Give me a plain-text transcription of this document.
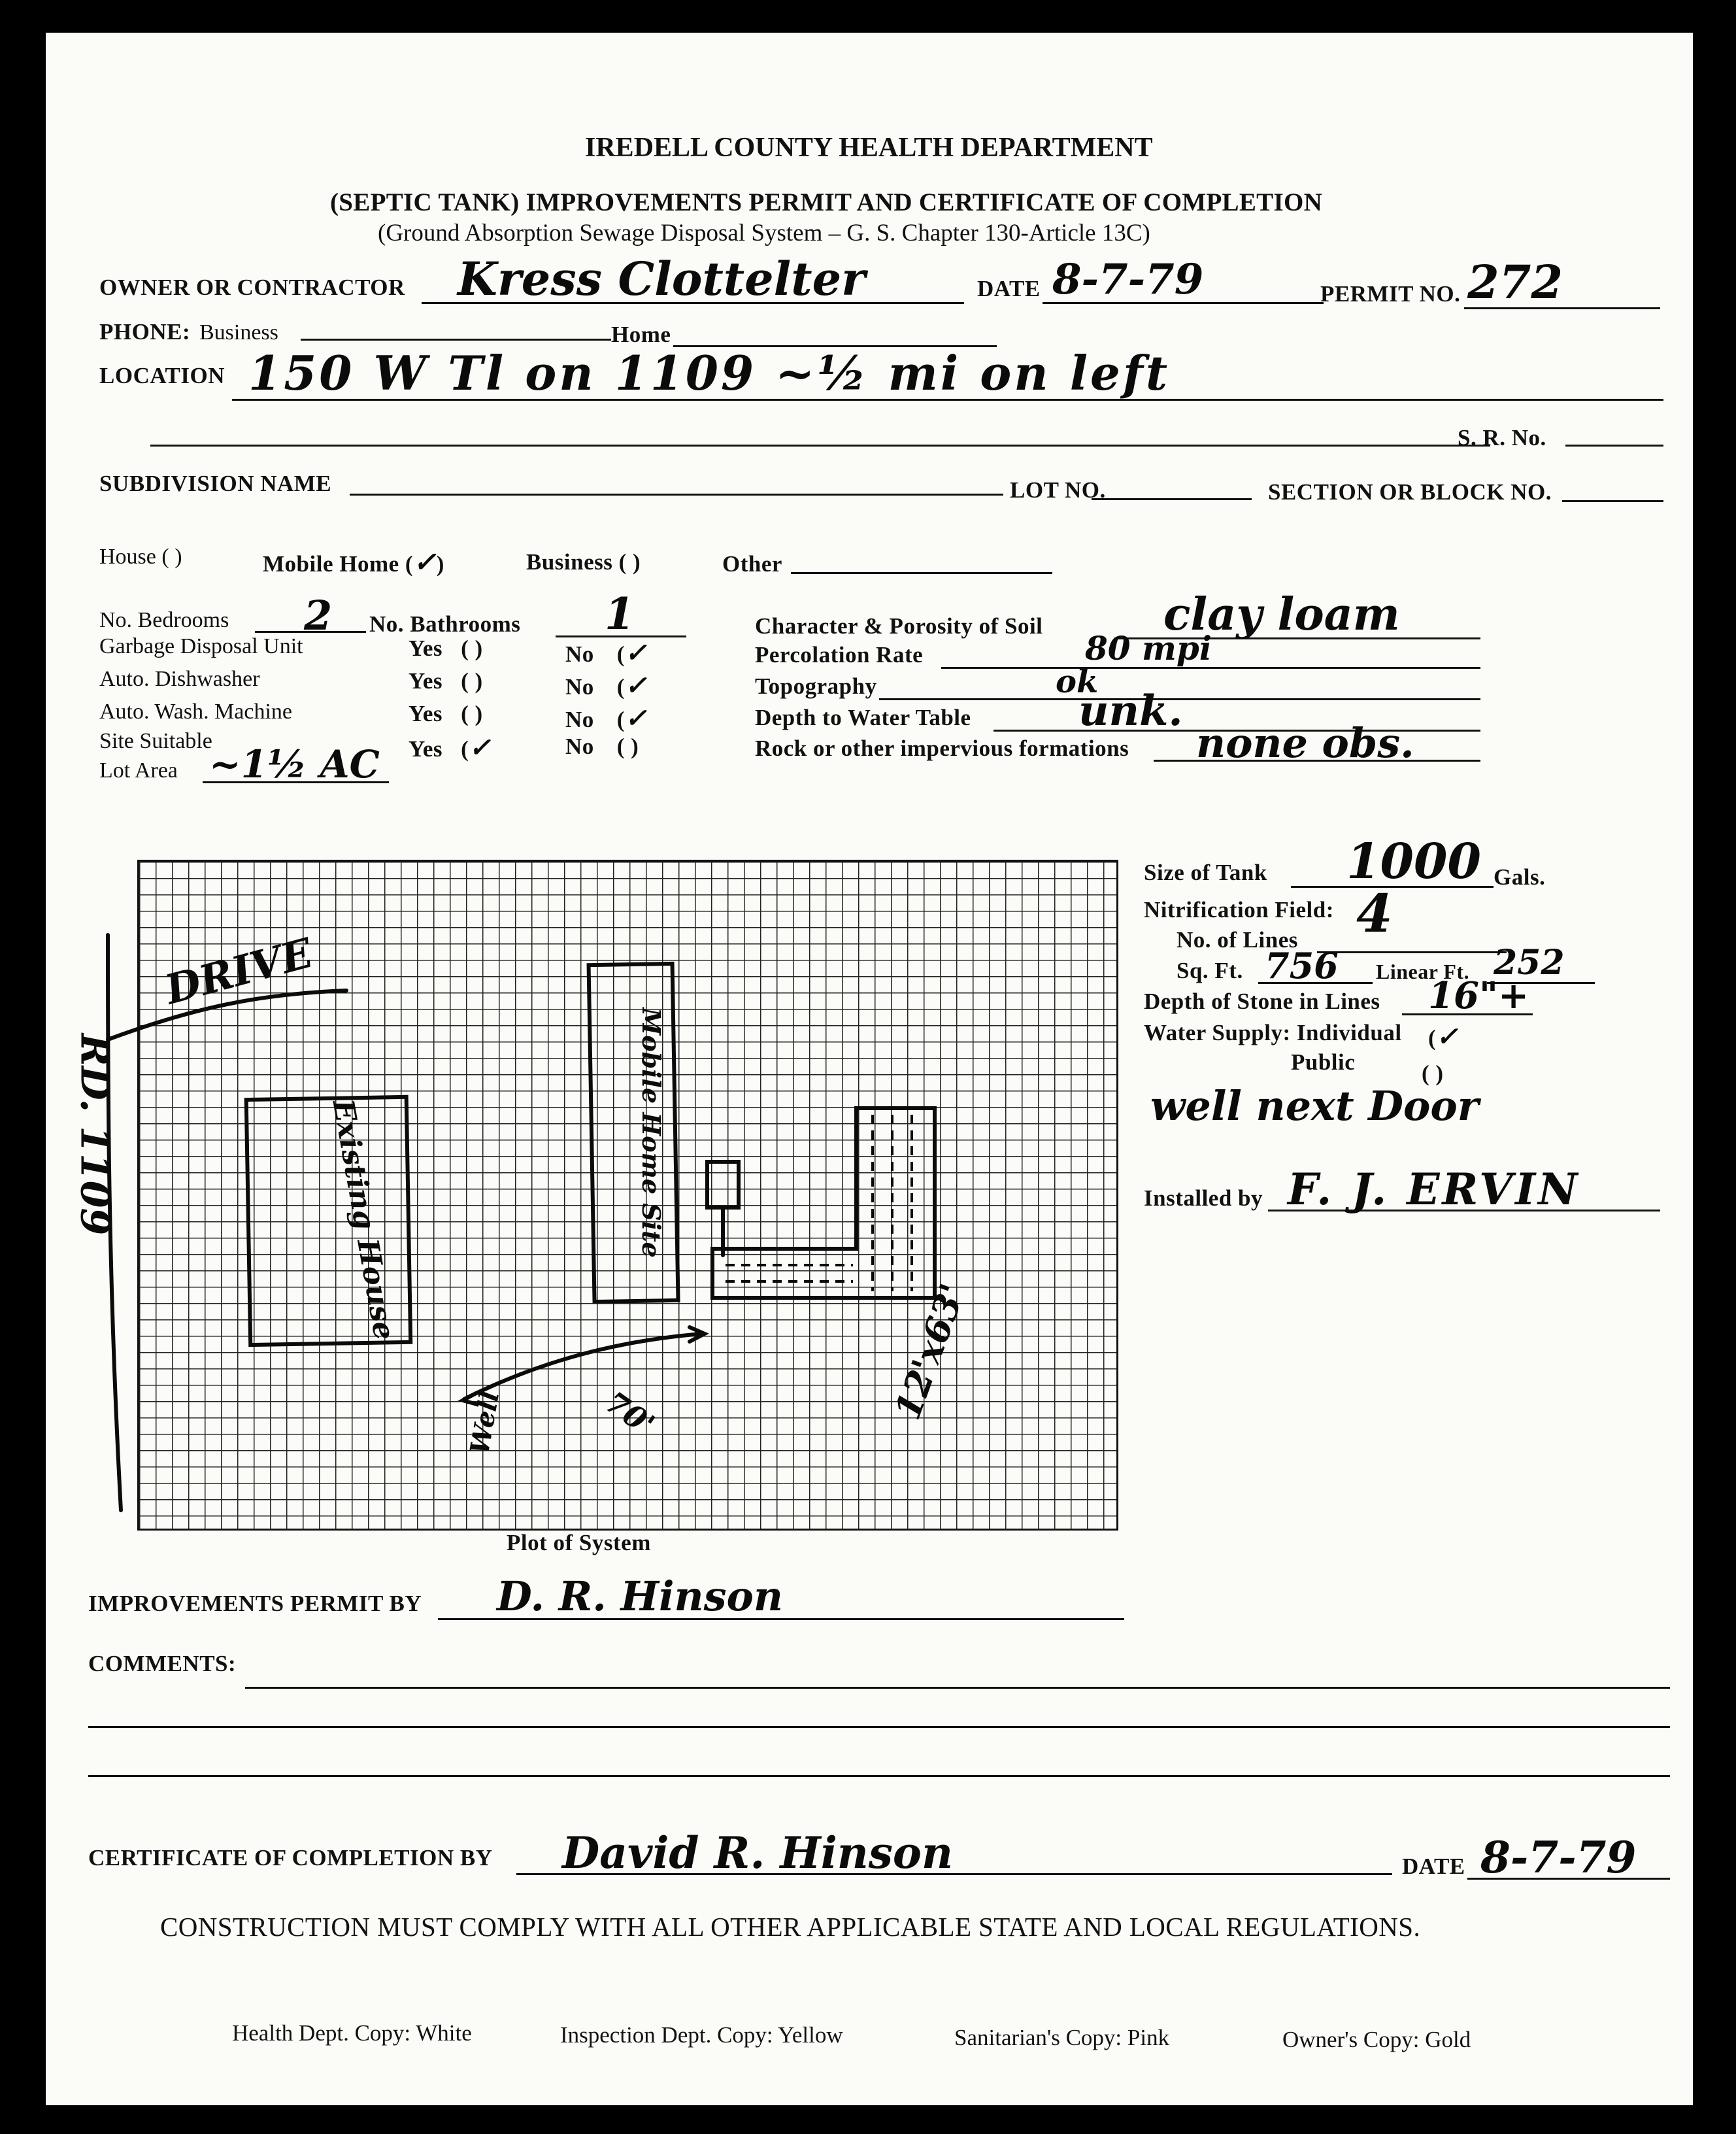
IREDELL COUNTY HEALTH DEPARTMENT
(SEPTIC TANK) IMPROVEMENTS PERMIT AND CERTIFICATE OF COMPLETION
(Ground Absorption Sewage Disposal System – G. S. Chapter 130-Article 13C)
OWNER OR CONTRACTOR Kress Clottelter	DATE 8-7-79	PERMIT NO. 272
PHONE: Business	Home
LOCATION 150 W Tl on 1109 ~½ mi on left
S. R. No.
SUBDIVISION NAME	LOT NO.	SECTION OR BLOCK NO.
House ( )	Mobile Home (✓)	Business ( )	Other
No. Bedrooms 2 No. Bathrooms 1
Garbage Disposal Unit	Yes ( )	No (✓
Auto. Dishwasher	Yes ( )	No (✓
Auto. Wash. Machine	Yes ( )	No (✓
Site Suitable	Yes (✓	No ( )
Lot Area ~1½ AC
Character & Porosity of Soil	clay loam
Percolation Rate	80 mpi
Topography	ok
Depth to Water Table	unk.
Rock or other impervious formations none obs.
Size of Tank 1000 Gals.
Nitrification Field:
No. of Lines 4
Sq. Ft. 756 Linear Ft. 252
Depth of Stone in Lines 16"+
Water Supply: Individual (✓
Public	( )
well next Door
Installed by F. J. ERVIN
DRIVE
RD. 1109	Existing House	Mobile Home Site
12'x63'
Well	70'
Plot of System
IMPROVEMENTS PERMIT BY D. R. Hinson
COMMENTS:
CERTIFICATE OF COMPLETION BY David R. Hinson	DATE 8-7-79
CONSTRUCTION MUST COMPLY WITH ALL OTHER APPLICABLE STATE AND LOCAL REGULATIONS.
Health Dept. Copy: White	Inspection Dept. Copy: Yellow	Sanitarian's Copy: Pink	Owner's Copy: Gold
